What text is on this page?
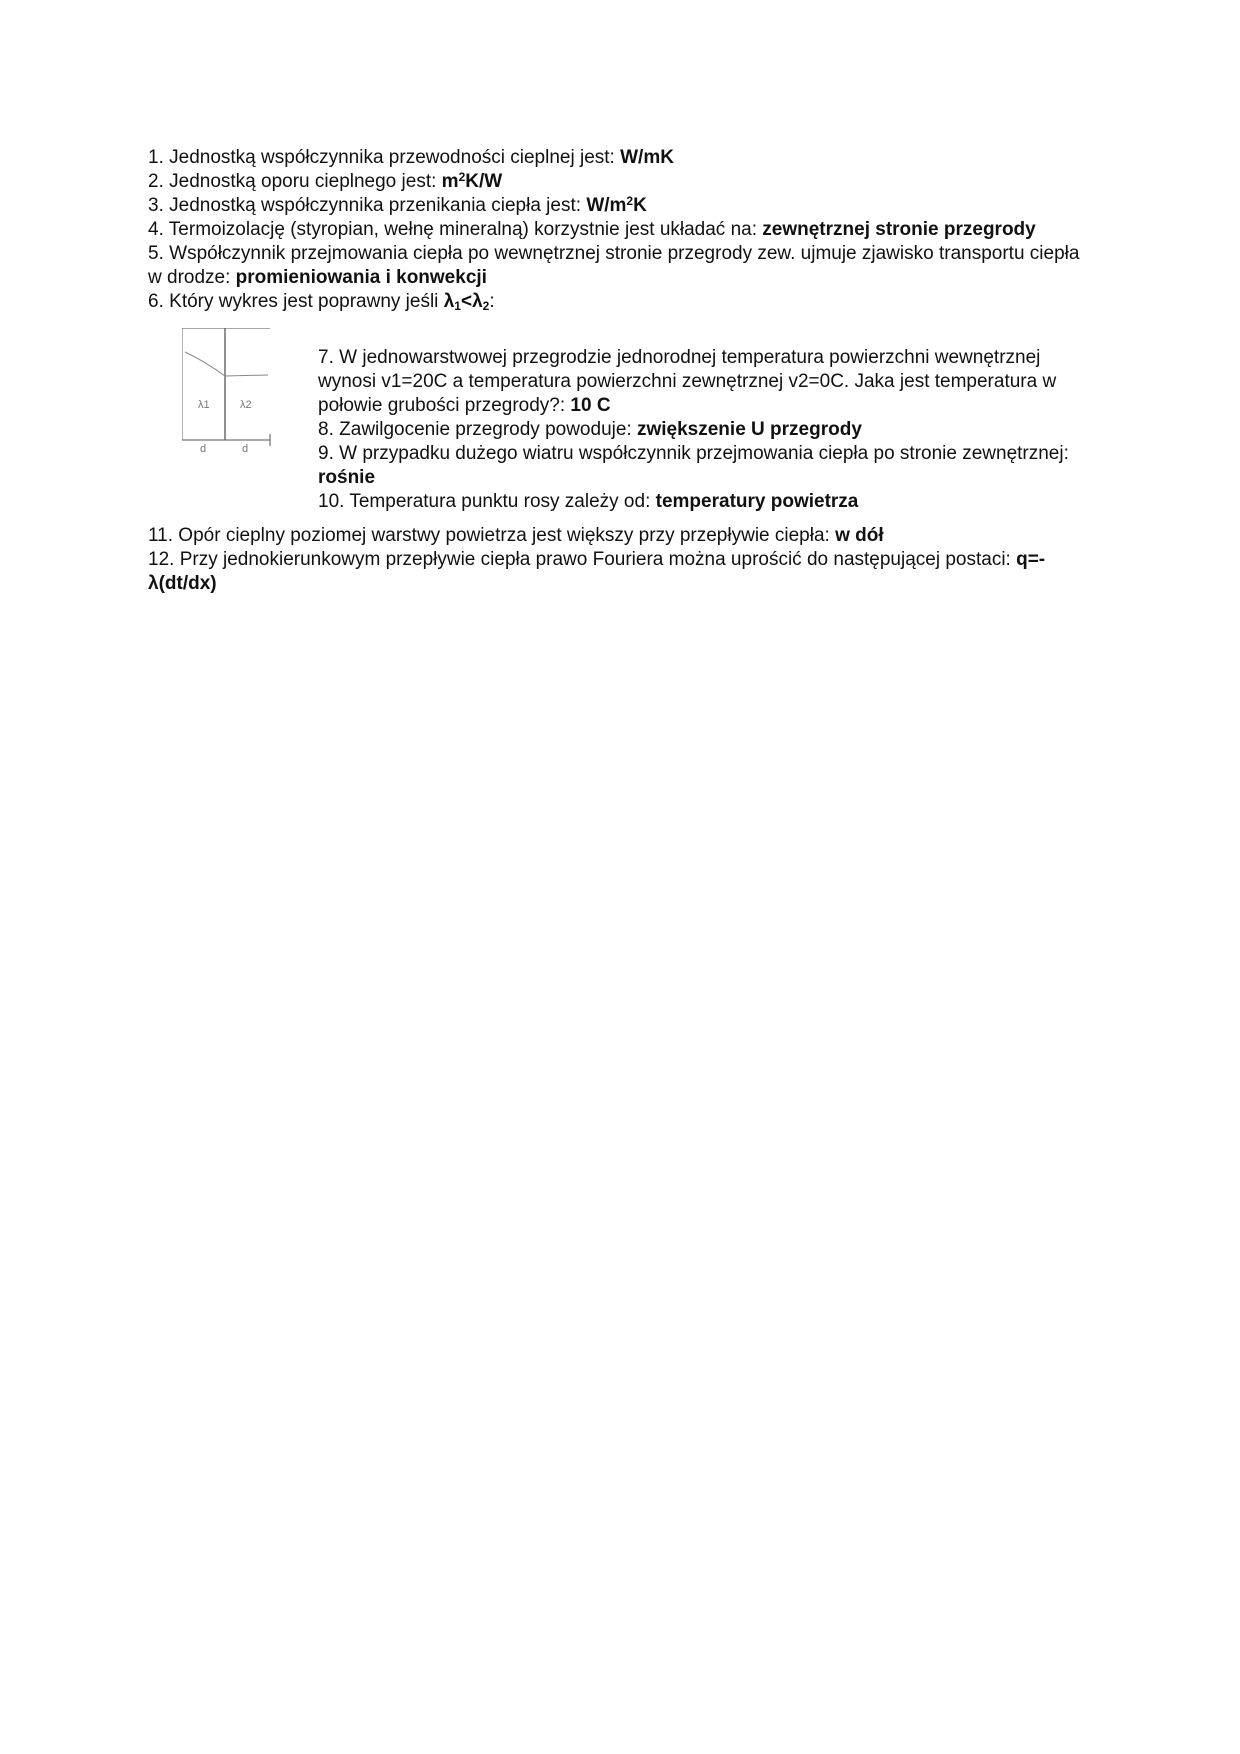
1. Jednostką współczynnika przewodności cieplnej jest: W/mK

2. Jednostką oporu cieplnego jest: $m^2K/W$

3. Jednostką współczynnika przenikania ciepła jest: $W/m^2K$

4. Termoizolację (styropian, wełnę mineralną) korzystnie jest układać na: zewnętrznej stronie przegrody

5. Współczynnik przejmowania ciepła po wewnętrznej stronie przegrody zew. ujmuje zjawisko transportu ciepła w drodze: promieniowania i konwekcji

6. Który wykres jest poprawny jeśli $\lambda_1<\lambda_2$:

λ1	λ2
d	d

7. W jednowarstwowej przegrodzie jednorodnej temperatura powierzchni wewnętrznej wynosi v1=20C a temperatura powierzchni zewnętrznej v2=0C. Jaka jest temperatura w połowie grubości przegrody?: 10 C

8. Zawilgocenie przegrody powoduje: zwiększenie U przegrody

9. W przypadku dużego wiatru współczynnik przejmowania ciepła po stronie zewnętrznej: rośnie

10. Temperatura punktu rosy zależy od: temperatury powietrza

11. Opór cieplny poziomej warstwy powietrza jest większy przy przepływie ciepła: w dół

12. Przy jednokierunkowym przepływie ciepła prawo Fouriera można uprościć do następującej postaci: q=-λ(dt/dx)
